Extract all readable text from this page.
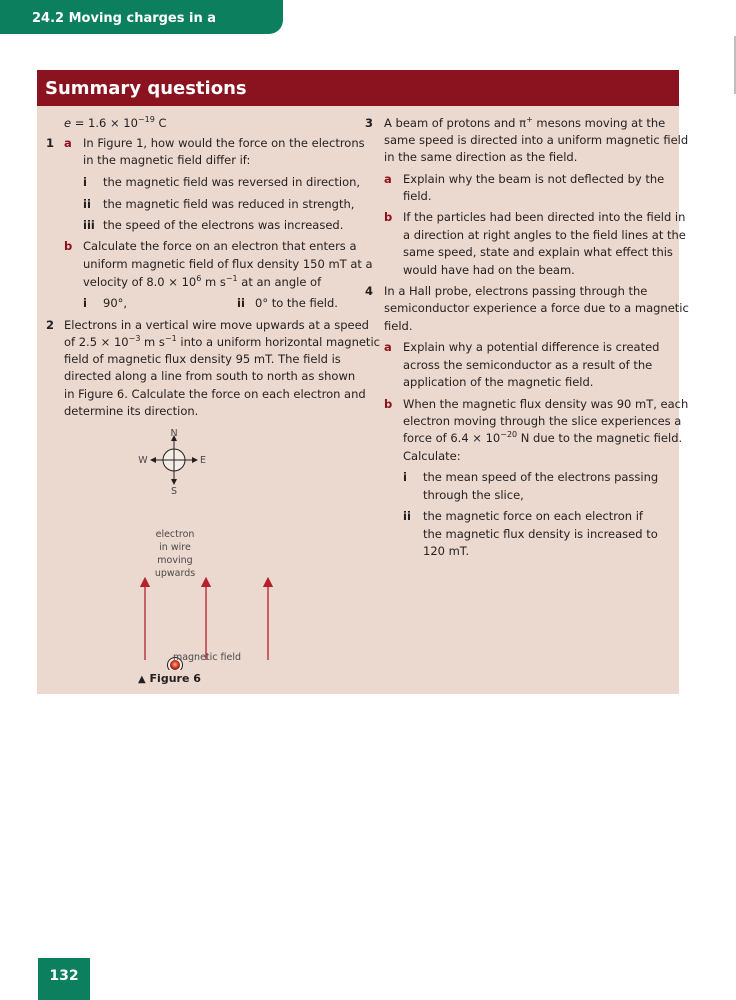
24.2 Moving charges in a magnetic field
Summary questions
$e = 1.6 \times 10^{-19}$ C
1 a In Figure 1, how would the force on the electrons
in the magnetic field differ if:
i the magnetic field was reversed in direction,
ii the magnetic field was reduced in strength,
iii the speed of the electrons was increased.
b Calculate the force on an electron that enters a
uniform magnetic field of flux density 150 mT at a
velocity of $8.0 \times 10^6$ m $s^{-1}$ at an angle of
i 90°,	ii 0° to the field.
2 Electrons in a vertical wire move upwards at a speed
of $2.5 \times 10^{-3}$ m $s^{-1}$ into a uniform horizontal magnetic
field of magnetic flux density 95 mT. The field is
directed along a line from south to north as shown
in Figure 6. Calculate the force on each electron and
determine its direction.
N
S
E
W
electron
in wire
moving
upwards
magnetic field
▲ Figure 6
3 A beam of protons and π+ mesons moving at the
same speed is directed into a uniform magnetic field
in the same direction as the field.
a Explain why the beam is not deflected by the
field.
b If the particles had been directed into the field in
a direction at right angles to the field lines at the
same speed, state and explain what effect this
would have had on the beam.
4 In a Hall probe, electrons passing through the
semiconductor experience a force due to a magnetic
field.
a Explain why a potential difference is created
across the semiconductor as a result of the
application of the magnetic field.
b When the magnetic flux density was 90 mT, each
electron moving through the slice experiences a
force of $6.4 \times 10^{-20}$ N due to the magnetic field.
Calculate:
i the mean speed of the electrons passing
through the slice,
ii the magnetic force on each electron if
the magnetic flux density is increased to
120 mT.
132
